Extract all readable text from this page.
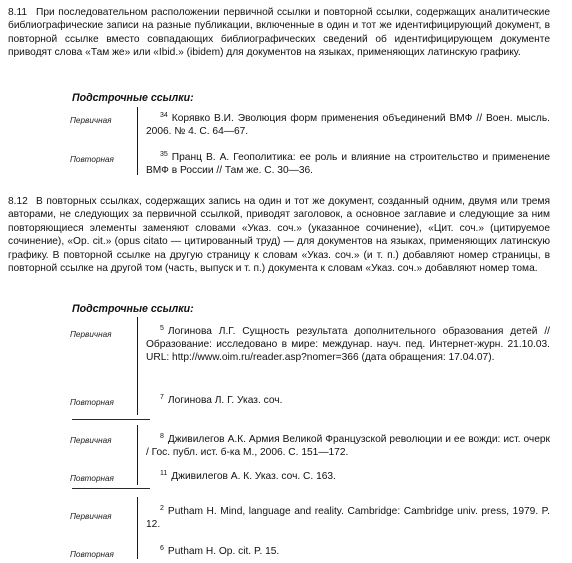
8.11 При последовательном расположении первичной ссылки и повторной ссылки, содержащих аналитические библиографические записи на разные публикации, включенные в один и тот же идентифицирующий документ, в повторной ссылке вместо совпадающих библиографических сведений об идентифицирующем документе приводят слова «Там же» или «Ibid.» (ibidem) для документов на языках, применяющих латинскую графику.

Подстрочные ссылки:

Первичная

$^{34}$ Корявко В.И. Эволюция форм применения объединений ВМФ // Воен. мысль. 2006. № 4. С. 64—67.

Повторная

$^{35}$ Пранц В. А. Геополитика: ее роль и влияние на строительство и применение ВМФ в России // Там же. С. 30—36.

8.12 В повторных ссылках, содержащих запись на один и тот же документ, созданный одним, двумя или тремя авторами, не следующих за первичной ссылкой, приводят заголовок, а основное заглавие и следующие за ним повторяющиеся элементы заменяют словами «Указ. соч.» (указанное сочинение), «Цит. соч.» (цитируемое сочинение), «Op. cit.» (opus citato — цитированный труд) — для документов на языках, применяющих латинскую графику. В повторной ссылке на другую страницу к словам «Указ. соч.» (и т. п.) добавляют номер страницы, в повторной ссылке на другой том (часть, выпуск и т. п.) документа к словам «Указ. соч.» добавляют номер тома.

Подстрочные ссылки:

Первичная

$^5$ Логинова Л.Г. Сущность результата дополнительного образования детей // Образование: исследовано в мире: междунар. науч. пед. Интернет-журн. 21.10.03. URL: http://www.oim.ru/reader.asp?nomer=366 (дата обращения: 17.04.07).

Повторная

$^7$ Логинова Л. Г. Указ. соч.

Первичная	$^8$ Дживилегов А.К. Армия Великой Французской революции и ее вожди: ист. очерк / Гос. публ. ист. б-ка М., 2006. С. 151—172.

Повторная

$^{11}$ Дживилегов А. К. Указ. соч. С. 163.

Первичная

$^2$ Putham H. Mind, language and reality. Cambridge: Cambridge univ. press, 1979. P. 12.

Повторная

$^6$ Putham H. Op. cit. P. 15.
